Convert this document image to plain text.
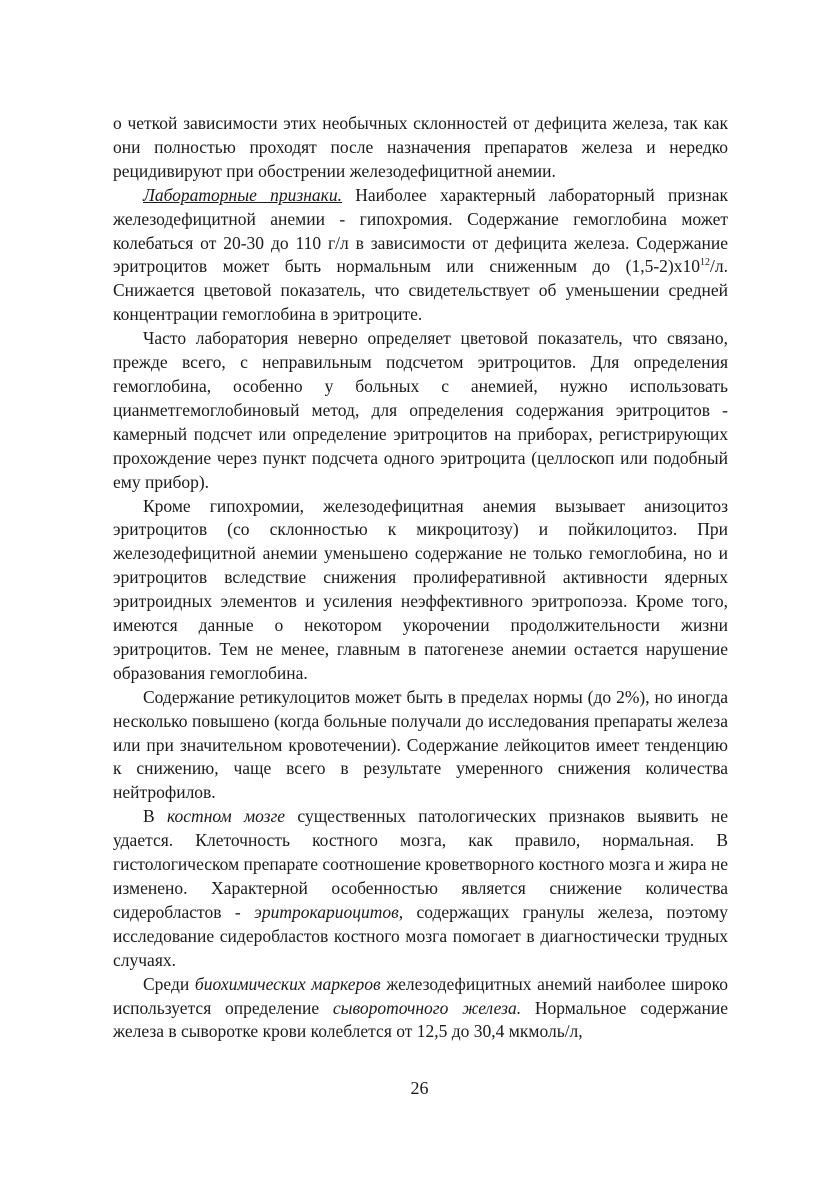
о четкой зависимости этих необычных склонностей от дефицита железа, так как они полностью проходят после назначения препаратов железа и нередко рецидивируют при обострении железодефицитной анемии.

Лабораторные признаки. Наиболее характерный лабораторный признак железодефицитной анемии - гипохромия. Содержание гемоглобина может колебаться от 20-30 до 110 г/л в зависимости от дефицита железа. Содержание эритроцитов может быть нормальным или сниженным до $(1,5-2)х10^{12}/л$. Снижается цветовой показатель, что свидетельствует об уменьшении средней концентрации гемоглобина в эритроците.

Часто лаборатория неверно определяет цветовой показатель, что связано, прежде всего, с неправильным подсчетом эритроцитов. Для определения гемоглобина, особенно у больных с анемией, нужно использовать цианметгемоглобиновый метод, для определения содержания эритроцитов - камерный подсчет или определение эритроцитов на приборах, регистрирующих прохождение через пункт подсчета одного эритроцита (целлоскоп или подобный ему прибор).

Кроме гипохромии, железодефицитная анемия вызывает анизоцитоз эритроцитов (со склонностью к микроцитозу) и пойкилоцитоз. При железодефицитной анемии уменьшено содержание не только гемоглобина, но и эритроцитов вследствие снижения пролиферативной активности ядерных эритроидных элементов и усиления неэффективного эритропоэза. Кроме того, имеются данные о некотором укорочении продолжительности жизни эритроцитов. Тем не менее, главным в патогенезе анемии остается нарушение образования гемоглобина.

Содержание ретикулоцитов может быть в пределах нормы (до 2%), но иногда несколько повышено (когда больные получали до исследования препараты железа или при значительном кровотечении). Содержание лейкоцитов имеет тенденцию к снижению, чаще всего в результате умеренного снижения количества нейтрофилов.

В костном мозге существенных патологических признаков выявить не удается. Клеточность костного мозга, как правило, нормальная. В гистологическом препарате соотношение кроветворного костного мозга и жира не изменено. Характерной особенностью является снижение количества сидеробластов - эритрокариоцитов, содержащих гранулы железа, поэтому исследование сидеробластов костного мозга помогает в диагностически трудных случаях.

Среди биохимических маркеров железодефицитных анемий наиболее широко используется определение сывороточного железа. Нормальное содержание железа в сыворотке крови колеблется от 12,5 до 30,4 мкмоль/л,

26
